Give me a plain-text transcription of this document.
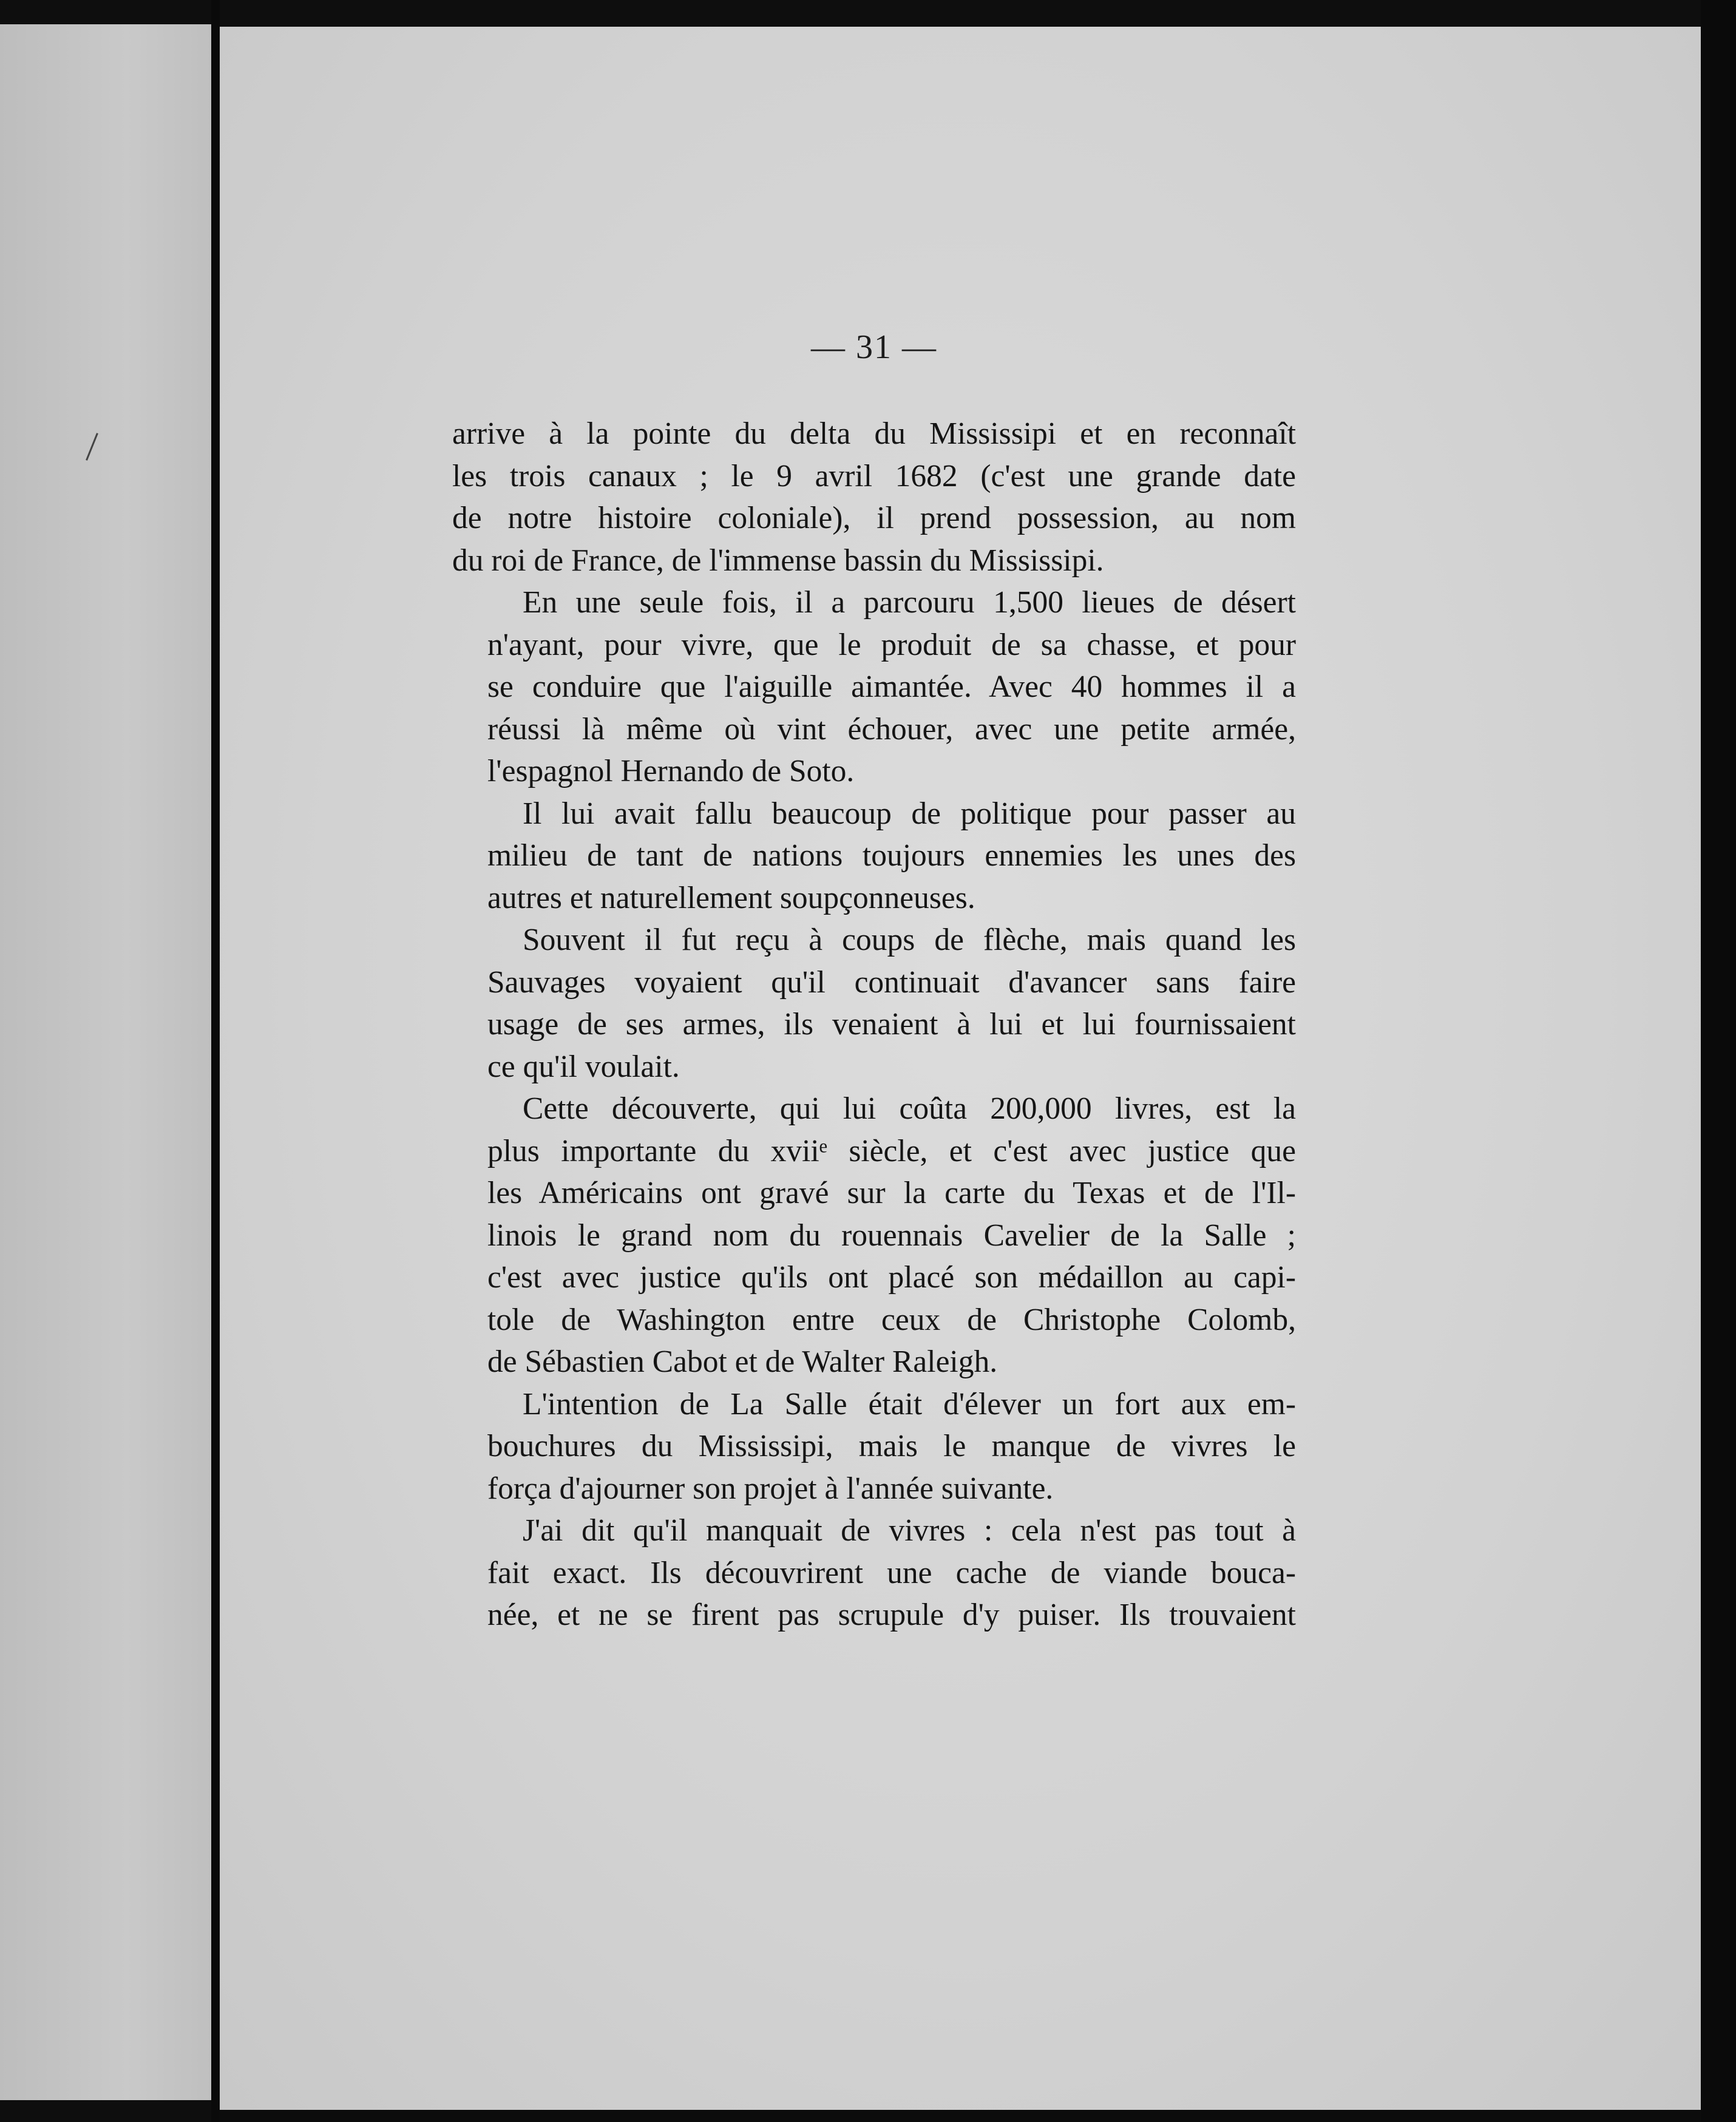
— 31 —
arrive à la pointe du delta du Mississipi et en reconnaît
les trois canaux ; le 9 avril 1682 (c'est une grande date
de notre histoire coloniale), il prend possession, au nom
du roi de France, de l'immense bassin du Mississipi.
En une seule fois, il a parcouru 1,500 lieues de désert
n'ayant, pour vivre, que le produit de sa chasse, et pour
se conduire que l'aiguille aimantée. Avec 40 hommes il a
réussi là même où vint échouer, avec une petite armée,
l'espagnol Hernando de Soto.
Il lui avait fallu beaucoup de politique pour passer au
milieu de tant de nations toujours ennemies les unes des
autres et naturellement soupçonneuses.
Souvent il fut reçu à coups de flèche, mais quand les
Sauvages voyaient qu'il continuait d'avancer sans faire
usage de ses armes, ils venaient à lui et lui fournissaient
ce qu'il voulait.
Cette découverte, qui lui coûta 200,000 livres, est la
plus importante du xviiᵉ siècle, et c'est avec justice que
les Américains ont gravé sur la carte du Texas et de l'Il-
linois le grand nom du rouennais Cavelier de la Salle ;
c'est avec justice qu'ils ont placé son médaillon au capi-
tole de Washington entre ceux de Christophe Colomb,
de Sébastien Cabot et de Walter Raleigh.
L'intention de La Salle était d'élever un fort aux em-
bouchures du Mississipi, mais le manque de vivres le
força d'ajourner son projet à l'année suivante.
J'ai dit qu'il manquait de vivres : cela n'est pas tout à
fait exact. Ils découvrirent une cache de viande bouca-
née, et ne se firent pas scrupule d'y puiser. Ils trouvaient
